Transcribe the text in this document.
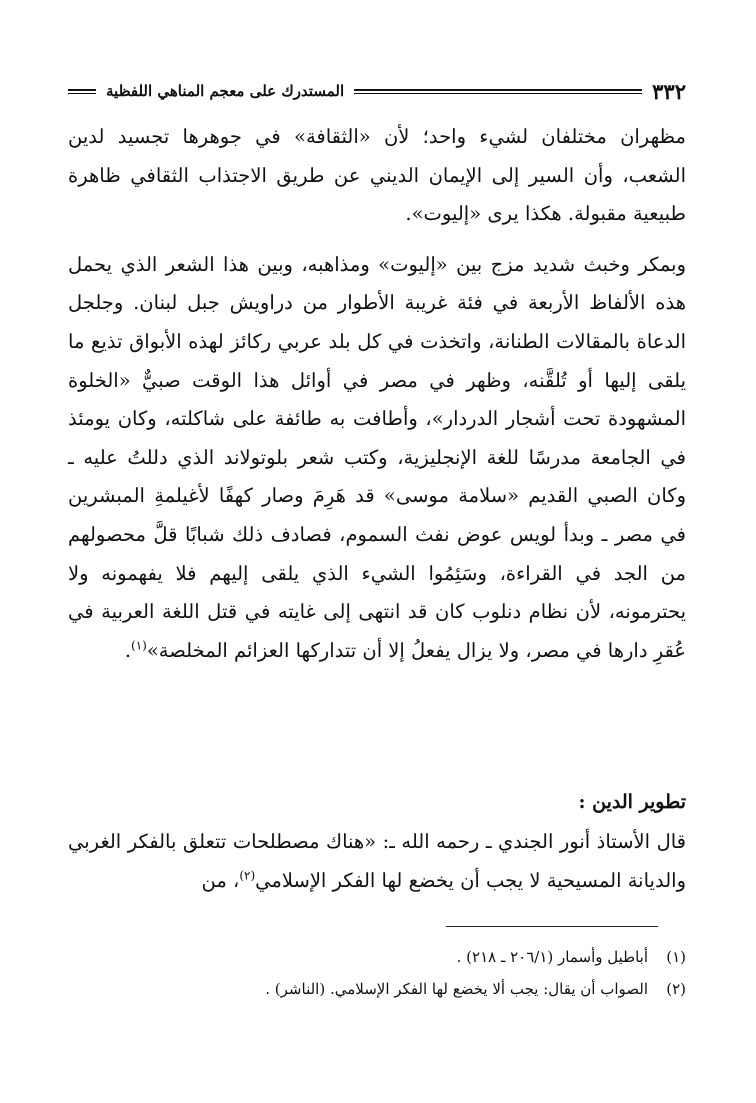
٣٣٢
المستدرك على معجم المناهي اللفظية

مظهران مختلفان لشيء واحد؛ لأن «الثقافة» في جوهرها تجسيد لدين الشعب، وأن السير إلى الإيمان الديني عن طريق الاجتذاب الثقافي ظاهرة طبيعية مقبولة. هكذا يرى «إليوت».

وبمكر وخبث شديد مزج بين «إليوت» ومذاهبه، وبين هذا الشعر الذي يحمل هذه الألفاظ الأربعة في فئة غريبة الأطوار من دراويش جبل لبنان. وجلجل الدعاة بالمقالات الطنانة، واتخذت في كل بلد عربي ركائز لهذه الأبواق تذيع ما يلقى إليها أو تُلقَّنه، وظهر في مصر في أوائل هذا الوقت صبيٌّ «الخلوة المشهودة تحت أشجار الدردار»، وأطافت به طائفة على شاكلته، وكان يومئذ في الجامعة مدرسًا للغة الإنجليزية، وكتب شعر بلوتولاند الذي دللتُ عليه ـ وكان الصبي القديم «سلامة موسى» قد هَرِمَ وصار كهفًا لأغيلمةِ المبشرين في مصر ـ وبدأ لويس عوض نفث السموم، فصادف ذلك شبابًا قلَّ محصولهم من الجد في القراءة، وسَئِمُوا الشيء الذي يلقى إليهم فلا يفهمونه ولا يحترمونه، لأن نظام دنلوب كان قد انتهى إلى غايته في قتل اللغة العربية في عُقرِ دارها في مصر، ولا يزال يفعلُ إلا أن تتداركها العزائم المخلصة»$^{(١)}$.

تطوير الدين :

قال الأستاذ أنور الجندي ـ رحمه الله ـ: «هناك مصطلحات تتعلق بالفكر الغربي والديانة المسيحية لا يجب أن يخضع لها الفكر الإسلامي$^{(٢)}$، من

(١)
أباطيل وأسمار (٢٠٦/١ ـ ٢١٨) .
(٢)
الصواب أن يقال: يجب ألا يخضع لها الفكر الإسلامي. (الناشر) .
